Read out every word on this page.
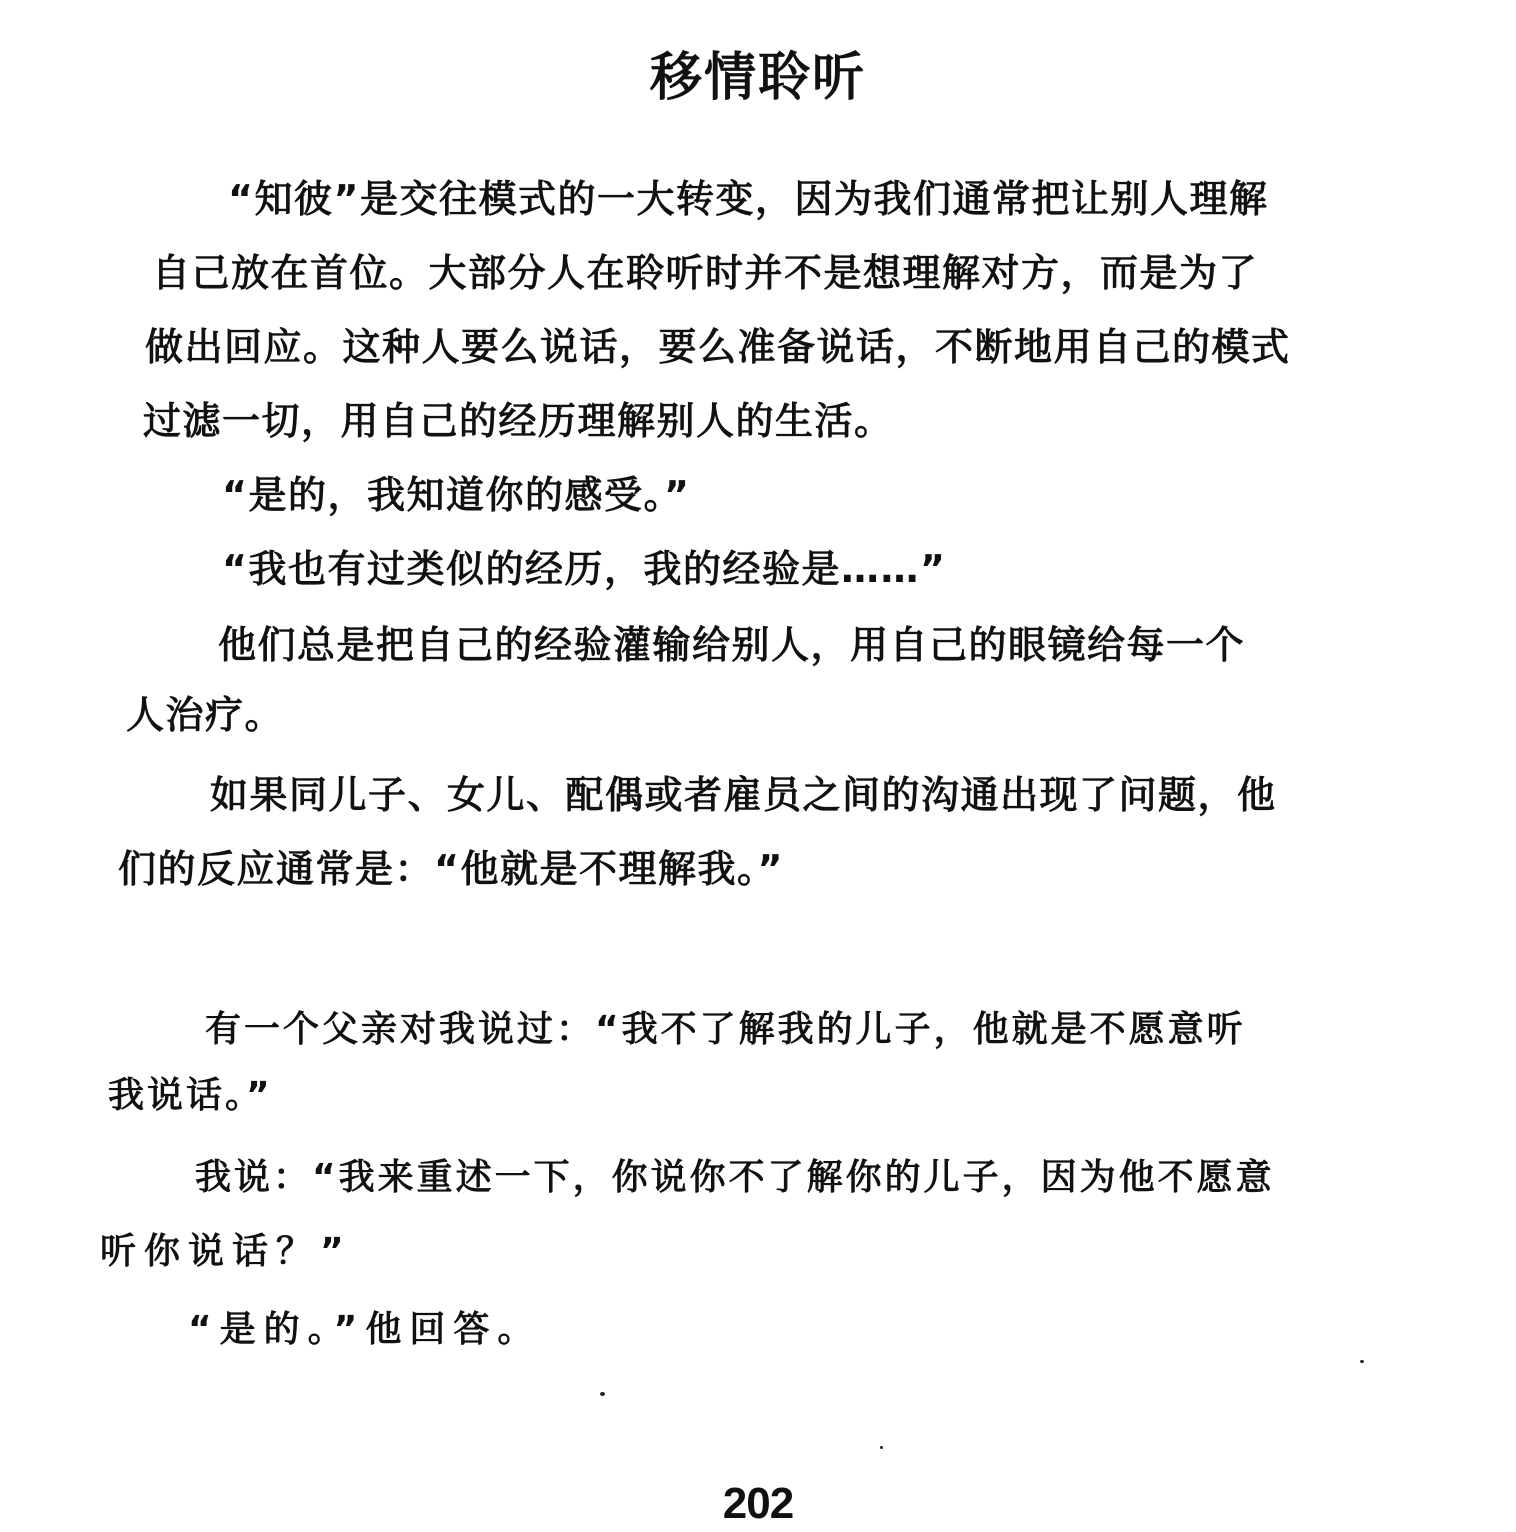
移情聆听
“知彼”是交往模式的一大转变，因为我们通常把让别人理解
自己放在首位。大部分人在聆听时并不是想理解对方，而是为了
做出回应。这种人要么说话，要么准备说话，不断地用自己的模式
过滤一切，用自己的经历理解别人的生活。
“是的，我知道你的感受。”
“我也有过类似的经历，我的经验是……”
他们总是把自己的经验灌输给别人，用自己的眼镜给每一个
人治疗。
如果同儿子、女儿、配偶或者雇员之间的沟通出现了问题，他
们的反应通常是：“他就是不理解我。”
有一个父亲对我说过：“我不了解我的儿子，他就是不愿意听
我说话。”
我说：“我来重述一下，你说你不了解你的儿子，因为他不愿意
听你说话？”
“是的。”他回答。
202
